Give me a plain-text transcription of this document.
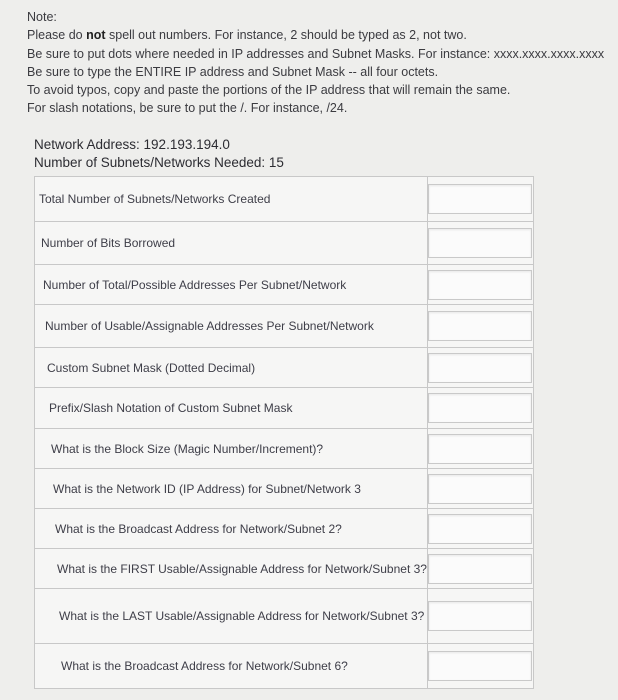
Note:

Please do not spell out numbers. For instance, 2 should be typed as 2, not two.

Be sure to put dots where needed in IP addresses and Subnet Masks. For instance: xxxx.xxxx.xxxx.xxxx

Be sure to type the ENTIRE IP address and Subnet Mask -- all four octets.

To avoid typos, copy and paste the portions of the IP address that will remain the same.

For slash notations, be sure to put the /. For instance, /24.

Network Address: 192.193.194.0

Number of Subnets/Networks Needed: 15

Total Number of Subnets/Networks Created	

Number of Bits Borrowed	

Number of Total/Possible Addresses Per Subnet/Network	

Number of Usable/Assignable Addresses Per Subnet/Network	

Custom Subnet Mask (Dotted Decimal)	

Prefix/Slash Notation of Custom Subnet Mask	

What is the Block Size (Magic Number/Increment)?	

What is the Network ID (IP Address) for Subnet/Network 3	

What is the Broadcast Address for Network/Subnet 2?	

What is the FIRST Usable/Assignable Address for Network/Subnet 3?	

What is the LAST Usable/Assignable Address for Network/Subnet 3?	

What is the Broadcast Address for Network/Subnet 6?	
